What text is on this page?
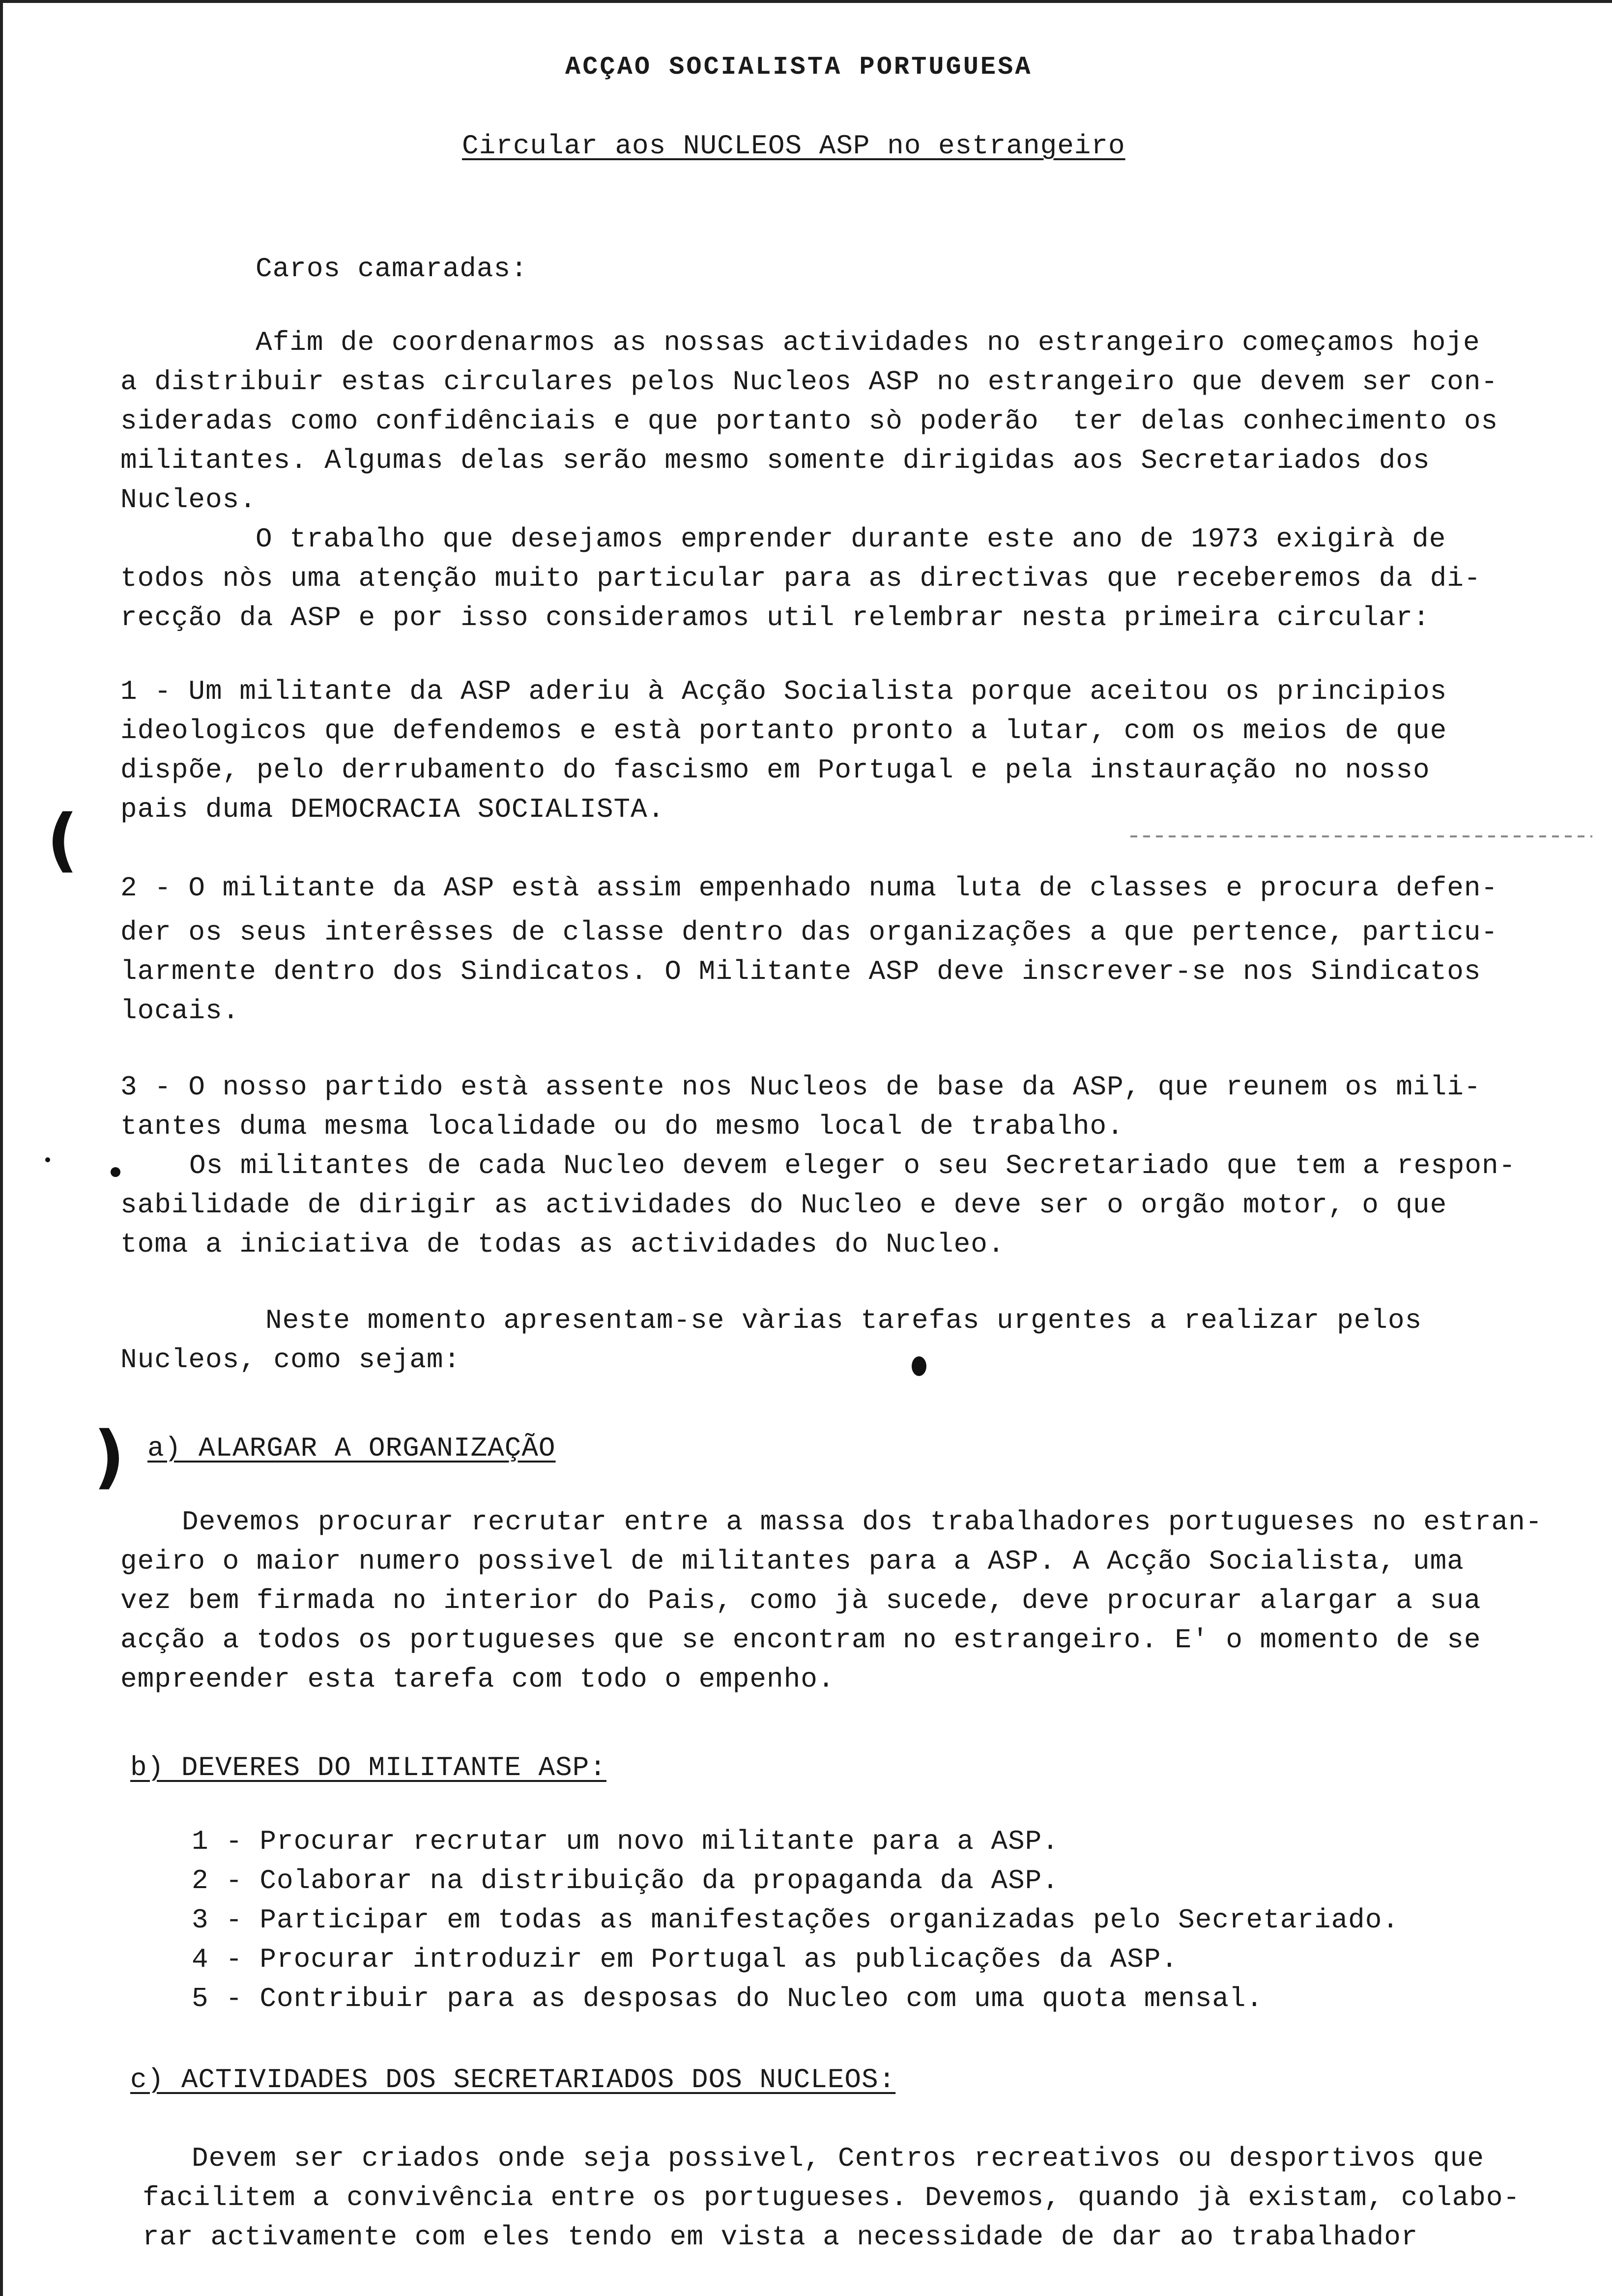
ACÇAO SOCIALISTA PORTUGUESA
Circular aos NUCLEOS ASP no estrangeiro
Caros camaradas:
Afim de coordenarmos as nossas actividades no estrangeiro começamos hoje
a distribuir estas circulares pelos Nucleos ASP no estrangeiro que devem ser con-
sideradas como confidênciais e que portanto sò poderão  ter delas conhecimento os
militantes. Algumas delas serão mesmo somente dirigidas aos Secretariados dos
Nucleos.
O trabalho que desejamos emprender durante este ano de 1973 exigirà de
todos nòs uma atenção muito particular para as directivas que receberemos da di-
recção da ASP e por isso consideramos util relembrar nesta primeira circular:
1 - Um militante da ASP aderiu à Acção Socialista porque aceitou os principios
ideologicos que defendemos e està portanto pronto a lutar, com os meios de que
dispõe, pelo derrubamento do fascismo em Portugal e pela instauração no nosso
pais duma DEMOCRACIA SOCIALISTA.
2 - O militante da ASP està assim empenhado numa luta de classes e procura defen-
der os seus interêsses de classe dentro das organizações a que pertence, particu-
larmente dentro dos Sindicatos. O Militante ASP deve inscrever-se nos Sindicatos
locais.
3 - O nosso partido està assente nos Nucleos de base da ASP, que reunem os mili-
tantes duma mesma localidade ou do mesmo local de trabalho.
Os militantes de cada Nucleo devem eleger o seu Secretariado que tem a respon-
sabilidade de dirigir as actividades do Nucleo e deve ser o orgão motor, o que
toma a iniciativa de todas as actividades do Nucleo.
Neste momento apresentam-se vàrias tarefas urgentes a realizar pelos
Nucleos, como sejam:
a) ALARGAR A ORGANIZAÇÃO
Devemos procurar recrutar entre a massa dos trabalhadores portugueses no estran-
geiro o maior numero possivel de militantes para a ASP. A Acção Socialista, uma
vez bem firmada no interior do Pais, como jà sucede, deve procurar alargar a sua
acção a todos os portugueses que se encontram no estrangeiro. E' o momento de se
empreender esta tarefa com todo o empenho.
b) DEVERES DO MILITANTE ASP:
1 - Procurar recrutar um novo militante para a ASP.
2 - Colaborar na distribuição da propaganda da ASP.
3 - Participar em todas as manifestações organizadas pelo Secretariado.
4 - Procurar introduzir em Portugal as publicações da ASP.
5 - Contribuir para as desposas do Nucleo com uma quota mensal.
c) ACTIVIDADES DOS SECRETARIADOS DOS NUCLEOS:
Devem ser criados onde seja possivel, Centros recreativos ou desportivos que
facilitem a convivência entre os portugueses. Devemos, quando jà existam, colabo-
rar activamente com eles tendo em vista a necessidade de dar ao trabalhador
(
)
